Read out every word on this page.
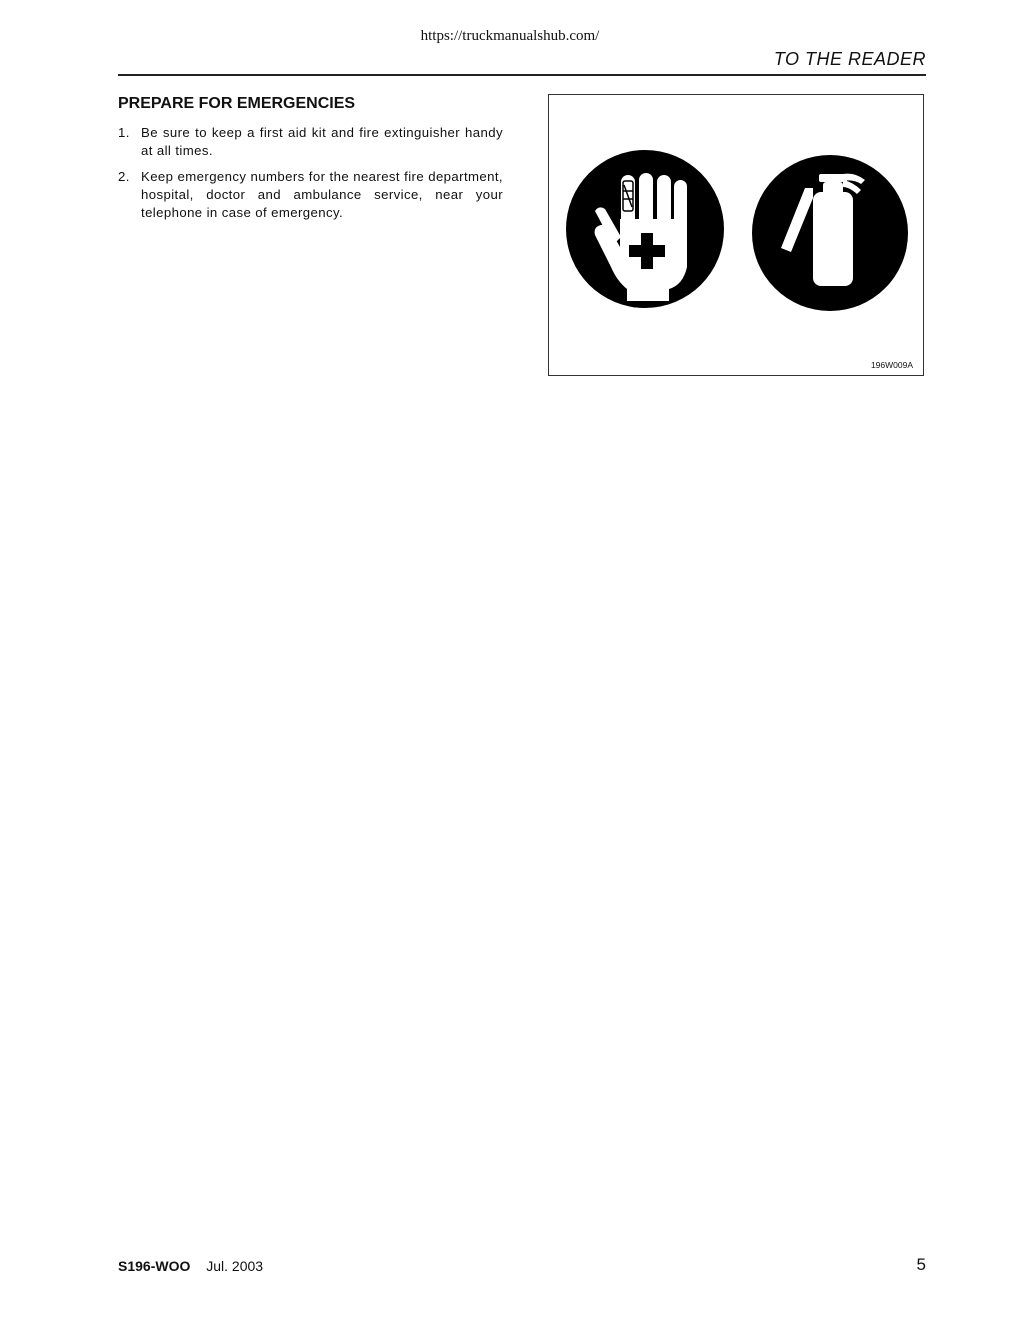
https://truckmanualshub.com/
TO THE READER
PREPARE FOR EMERGENCIES
1. Be sure to keep a first aid kit and fire extinguisher handy at all times.
2. Keep emergency numbers for the nearest fire department, hospital, doctor and ambulance service, near your telephone in case of emergency.
196W009A
S196-WOO Jul. 2003	5
